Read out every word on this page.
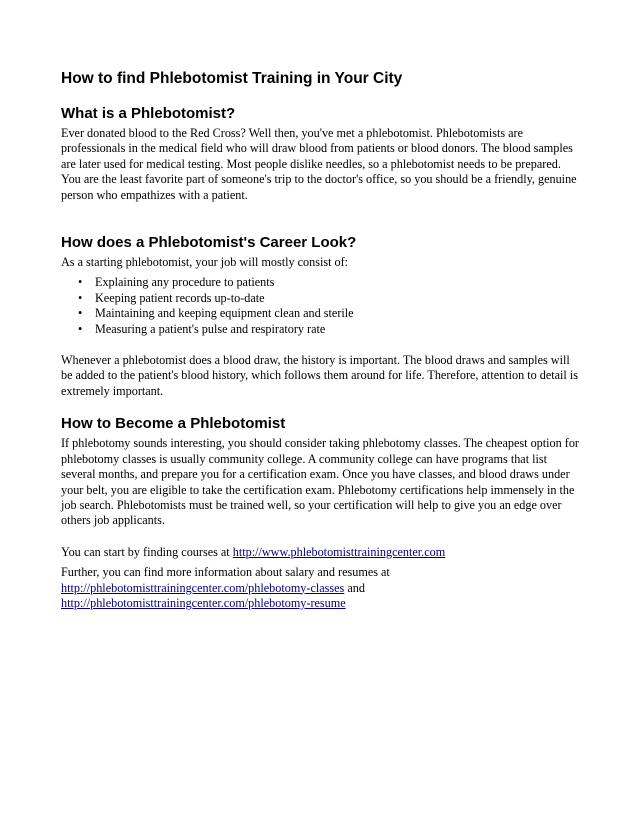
How to find Phlebotomist Training in Your City
What is a Phlebotomist?

Ever donated blood to the Red Cross? Well then, you've met a phlebotomist. Phlebotomists are professionals in the medical field who will draw blood from patients or blood donors. The blood samples are later used for medical testing. Most people dislike needles, so a phlebotomist needs to be prepared. You are the least favorite part of someone's trip to the doctor's office, so you should be a friendly, genuine person who empathizes with a patient.

How does a Phlebotomist's Career Look?

As a starting phlebotomist, your job will mostly consist of:

• Explaining any procedure to patients
• Keeping patient records up-to-date
• Maintaining and keeping equipment clean and sterile
• Measuring a patient's pulse and respiratory rate

Whenever a phlebotomist does a blood draw, the history is important. The blood draws and samples will be added to the patient's blood history, which follows them around for life. Therefore, attention to detail is extremely important.

How to Become a Phlebotomist

If phlebotomy sounds interesting, you should consider taking phlebotomy classes. The cheapest option for phlebotomy classes is usually community college. A community college can have programs that list several months, and prepare you for a certification exam. Once you have classes, and blood draws under your belt, you are eligible to take the certification exam. Phlebotomy certifications help immensely in the job search. Phlebotomists must be trained well, so your certification will help to give you an edge over others job applicants.

You can start by finding courses at http://www.phlebotomisttrainingcenter.com

Further, you can find more information about salary and resumes at
http://phlebotomisttrainingcenter.com/phlebotomy-classes and
http://phlebotomisttrainingcenter.com/phlebotomy-resume
